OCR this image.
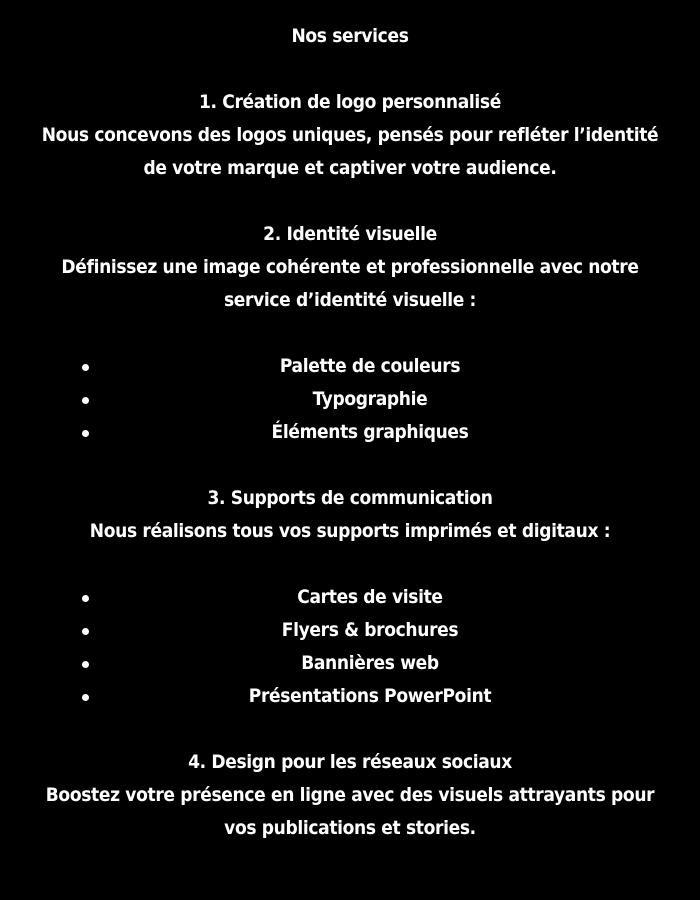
Nos services
1. Création de logo personnalisé
Nous concevons des logos uniques, pensés pour refléter l’identité
de votre marque et captiver votre audience.
2. Identité visuelle
Définissez une image cohérente et professionnelle avec notre
service d’identité visuelle :
Palette de couleurs
Typographie
Éléments graphiques
3. Supports de communication
Nous réalisons tous vos supports imprimés et digitaux :
Cartes de visite
Flyers & brochures
Bannières web
Présentations PowerPoint
4. Design pour les réseaux sociaux
Boostez votre présence en ligne avec des visuels attrayants pour
vos publications et stories.
